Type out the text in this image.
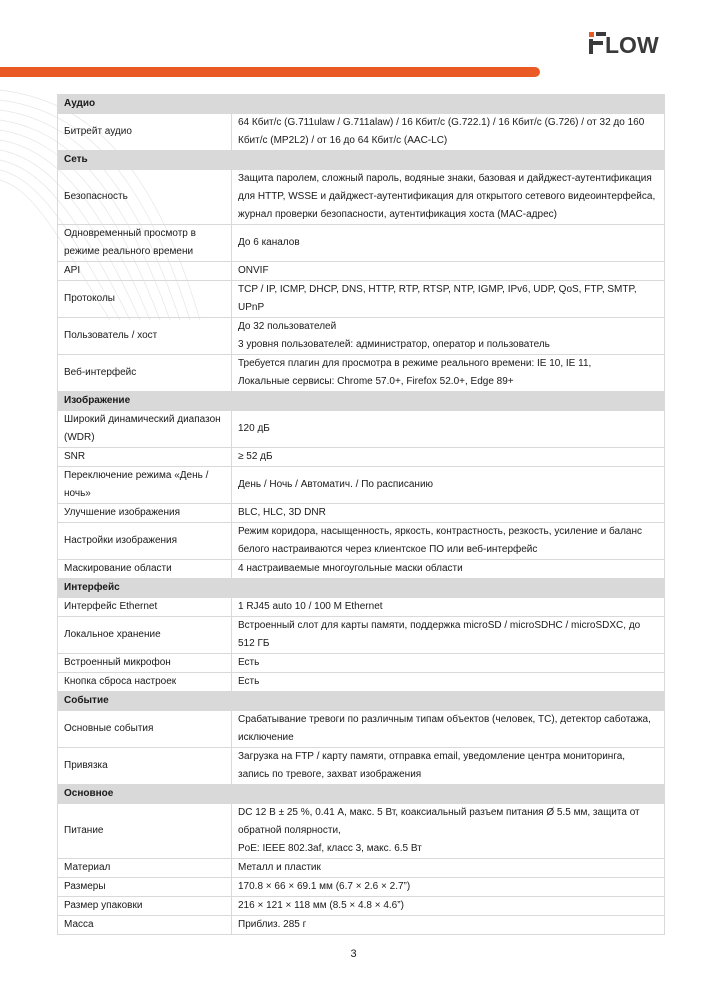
LOW
Аудио	
Битрейт аудио	64 Кбит/с (G.711ulaw / G.711alaw) / 16 Кбит/с (G.722.1) / 16 Кбит/с (G.726) / от 32 до 160 Кбит/с (MP2L2) / от 16 до 64 Кбит/с (AAC-LC)

Сеть	
Безопасность	Защита паролем, сложный пароль, водяные знаки, базовая и дайджест-аутентификация для HTTP, WSSE и дайджест-аутентификация для открытого сетевого видеоинтерфейса, журнал проверки безопасности, аутентификация хоста (MAC-адрес)

Одновременный просмотр в режиме реального времени	До 6 каналов

API	ONVIF

Протоколы	TCP / IP, ICMP, DHCP, DNS, HTTP, RTP, RTSP, NTP, IGMP, IPv6, UDP, QoS, FTP, SMTP, UPnP

Пользователь / хост	До 32 пользователей
3 уровня пользователей: администратор, оператор и пользователь

Веб-интерфейс	Требуется плагин для просмотра в режиме реального времени: IE 10, IE 11,
Локальные сервисы: Chrome 57.0+, Firefox 52.0+, Edge 89+

Изображение	
Широкий динамический диапазон (WDR)	120 дБ

SNR	≥ 52 дБ

Переключение режима «День / ночь»	День / Ночь / Автоматич. / По расписанию

Улучшение изображения	BLC, HLC, 3D DNR

Настройки изображения	Режим коридора, насыщенность, яркость, контрастность, резкость, усиление и баланс белого настраиваются через клиентское ПО или веб-интерфейс

Маскирование области	4 настраиваемые многоугольные маски области

Интерфейс	
Интерфейс Ethernet	1 RJ45 auto 10 / 100 M Ethernet

Локальное хранение	Встроенный слот для карты памяти, поддержка microSD / microSDHC / microSDXC, до 512 ГБ

Встроенный микрофон	Есть

Кнопка сброса настроек	Есть

Событие	
Основные события	Срабатывание тревоги по различным типам объектов (человек, ТС), детектор саботажа, исключение

Привязка	Загрузка на FTP / карту памяти, отправка email, уведомление центра мониторинга, запись по тревоге, захват изображения

Основное	
Питание	DC 12 В ± 25 %, 0.41 А, макс. 5 Вт, коаксиальный разъем питания Ø 5.5 мм, защита от обратной полярности,
PoE: IEEE 802.3af, класс 3, макс. 6.5 Вт

Материал	Металл и пластик

Размеры	170.8 × 66 × 69.1 мм (6.7 × 2.6 × 2.7”)

Размер упаковки	216 × 121 × 118 мм (8.5 × 4.8 × 4.6”)

Масса	Приблиз. 285 г
3
